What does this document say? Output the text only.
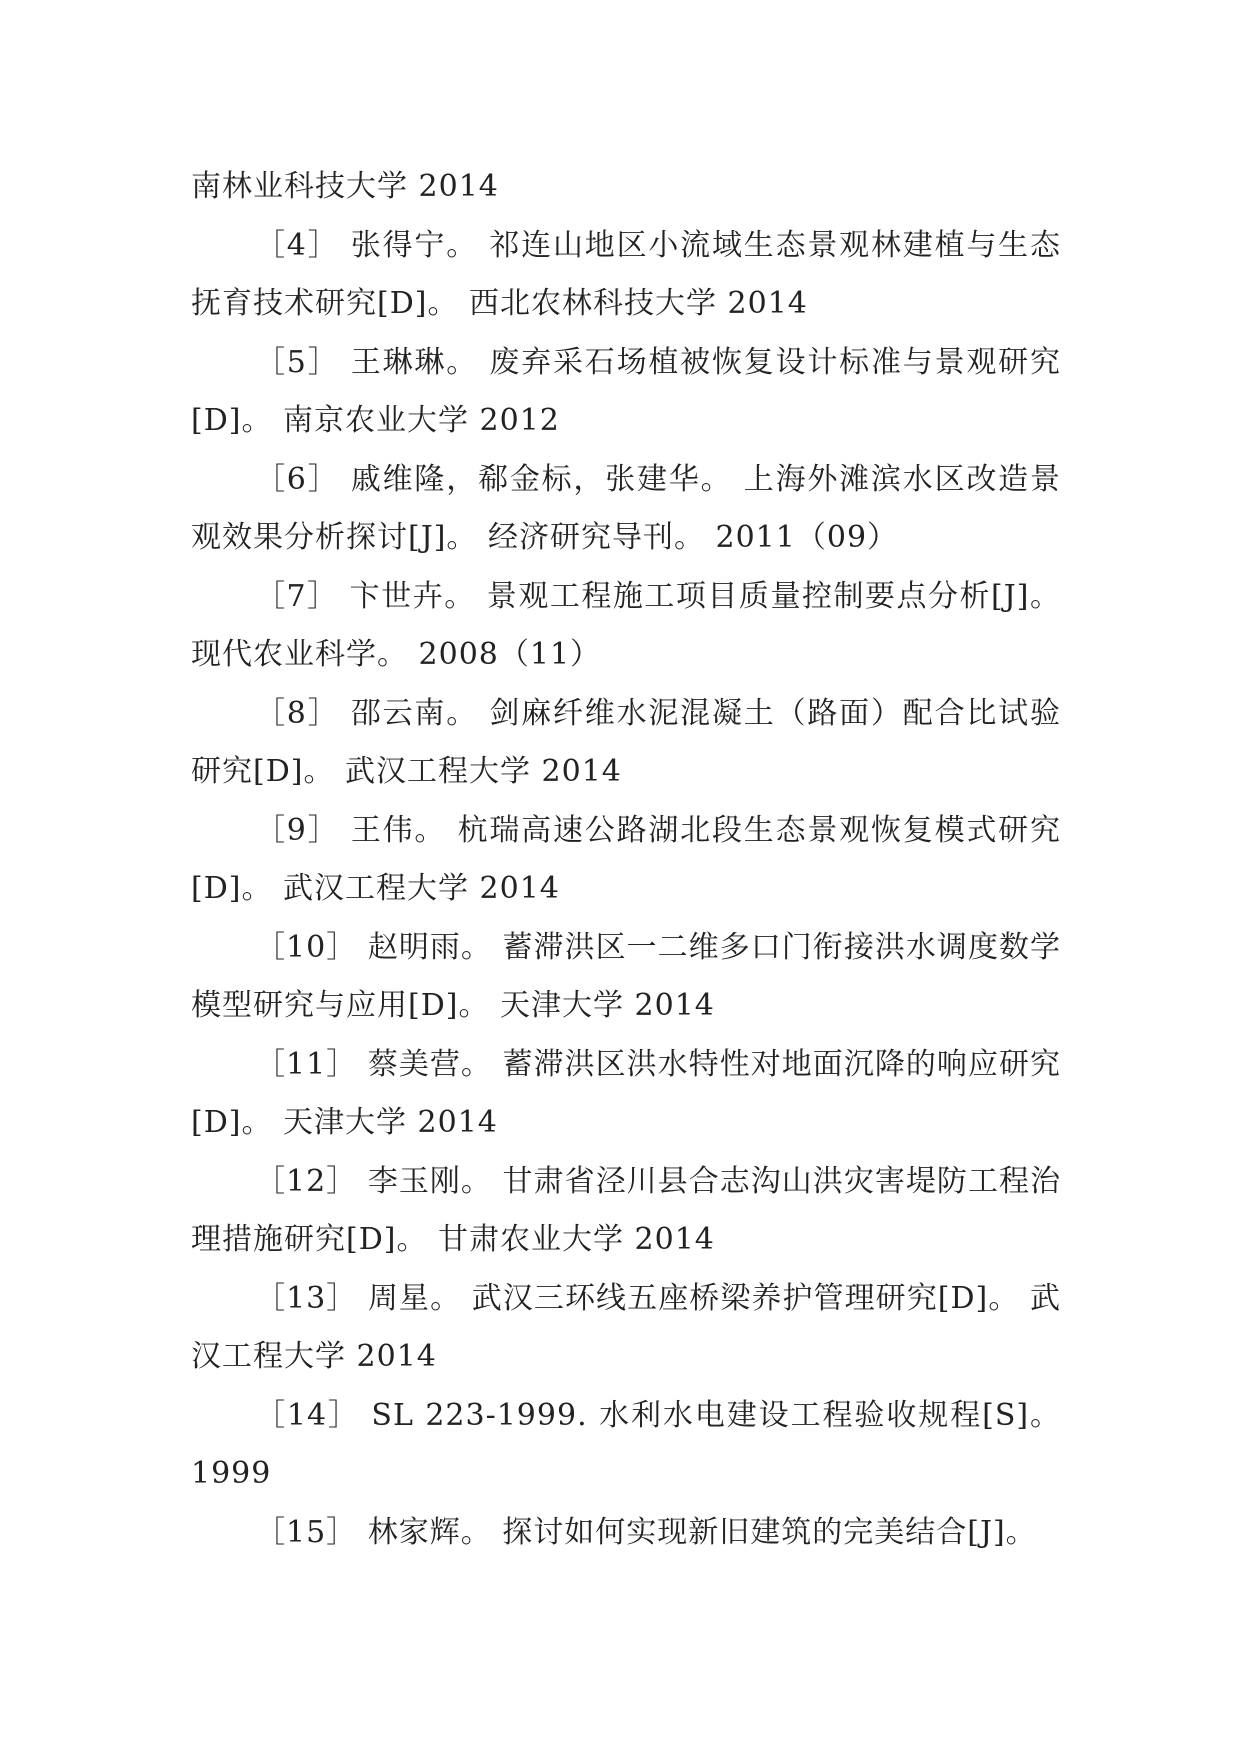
南林业科技大学 2014

［4］ 张得宁。 祁连山地区小流域生态景观林建植与生态抚育技术研究[D]。 西北农林科技大学 2014

［5］ 王琳琳。 废弃采石场植被恢复设计标准与景观研究[D]。 南京农业大学 2012

［6］ 戚维隆，郗金标，张建华。 上海外滩滨水区改造景观效果分析探讨[J]。 经济研究导刊。 2011（09）

［7］ 卞世卉。 景观工程施工项目质量控制要点分析[J]。 现代农业科学。 2008（11）

［8］ 邵云南。 剑麻纤维水泥混凝土（路面）配合比试验研究[D]。 武汉工程大学 2014

［9］ 王伟。 杭瑞高速公路湖北段生态景观恢复模式研究[D]。 武汉工程大学 2014

［10］ 赵明雨。 蓄滞洪区一二维多口门衔接洪水调度数学模型研究与应用[D]。 天津大学 2014

［11］ 蔡美营。 蓄滞洪区洪水特性对地面沉降的响应研究[D]。 天津大学 2014

［12］ 李玉刚。 甘肃省泾川县合志沟山洪灾害堤防工程治理措施研究[D]。 甘肃农业大学 2014

［13］ 周星。 武汉三环线五座桥梁养护管理研究[D]。 武汉工程大学 2014

［14］ SL 223-1999. 水利水电建设工程验收规程[S]。 1999

［15］ 林家辉。 探讨如何实现新旧建筑的完美结合[J]。
